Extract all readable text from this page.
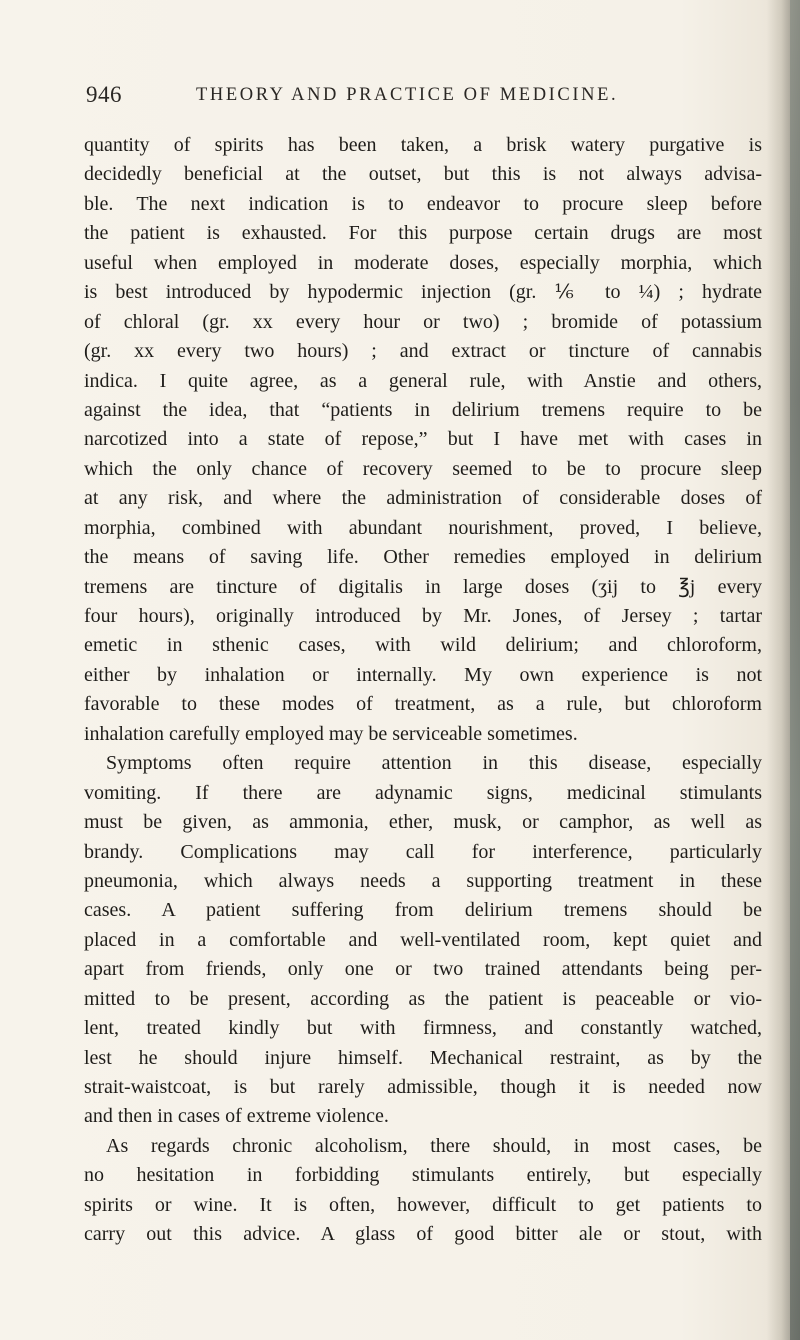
946	THEORY AND PRACTICE OF MEDICINE.
quantity of spirits has been taken, a brisk watery purgative is
decidedly beneficial at the outset, but this is not always advisa-
ble. The next indication is to endeavor to procure sleep before
the patient is exhausted. For this purpose certain drugs are most
useful when employed in moderate doses, especially morphia, which
is best introduced by hypodermic injection (gr. ⅙ to ¼) ; hydrate
of chloral (gr. xx every hour or two) ; bromide of potassium
(gr. xx every two hours) ; and extract or tincture of cannabis
indica. I quite agree, as a general rule, with Anstie and others,
against the idea, that “patients in delirium tremens require to be
narcotized into a state of repose,” but I have met with cases in
which the only chance of recovery seemed to be to procure sleep
at any risk, and where the administration of considerable doses of
morphia, combined with abundant nourishment, proved, I believe,
the means of saving life. Other remedies employed in delirium
tremens are tincture of digitalis in large doses (ʒij to ℥j every
four hours), originally introduced by Mr. Jones, of Jersey ; tartar
emetic in sthenic cases, with wild delirium; and chloroform,
either by inhalation or internally. My own experience is not
favorable to these modes of treatment, as a rule, but chloroform
inhalation carefully employed may be serviceable sometimes.
Symptoms often require attention in this disease, especially
vomiting. If there are adynamic signs, medicinal stimulants
must be given, as ammonia, ether, musk, or camphor, as well as
brandy. Complications may call for interference, particularly
pneumonia, which always needs a supporting treatment in these
cases. A patient suffering from delirium tremens should be
placed in a comfortable and well-ventilated room, kept quiet and
apart from friends, only one or two trained attendants being per-
mitted to be present, according as the patient is peaceable or vio-
lent, treated kindly but with firmness, and constantly watched,
lest he should injure himself. Mechanical restraint, as by the
strait-waistcoat, is but rarely admissible, though it is needed now
and then in cases of extreme violence.
As regards chronic alcoholism, there should, in most cases, be
no hesitation in forbidding stimulants entirely, but especially
spirits or wine. It is often, however, difficult to get patients to
carry out this advice. A glass of good bitter ale or stout, with
